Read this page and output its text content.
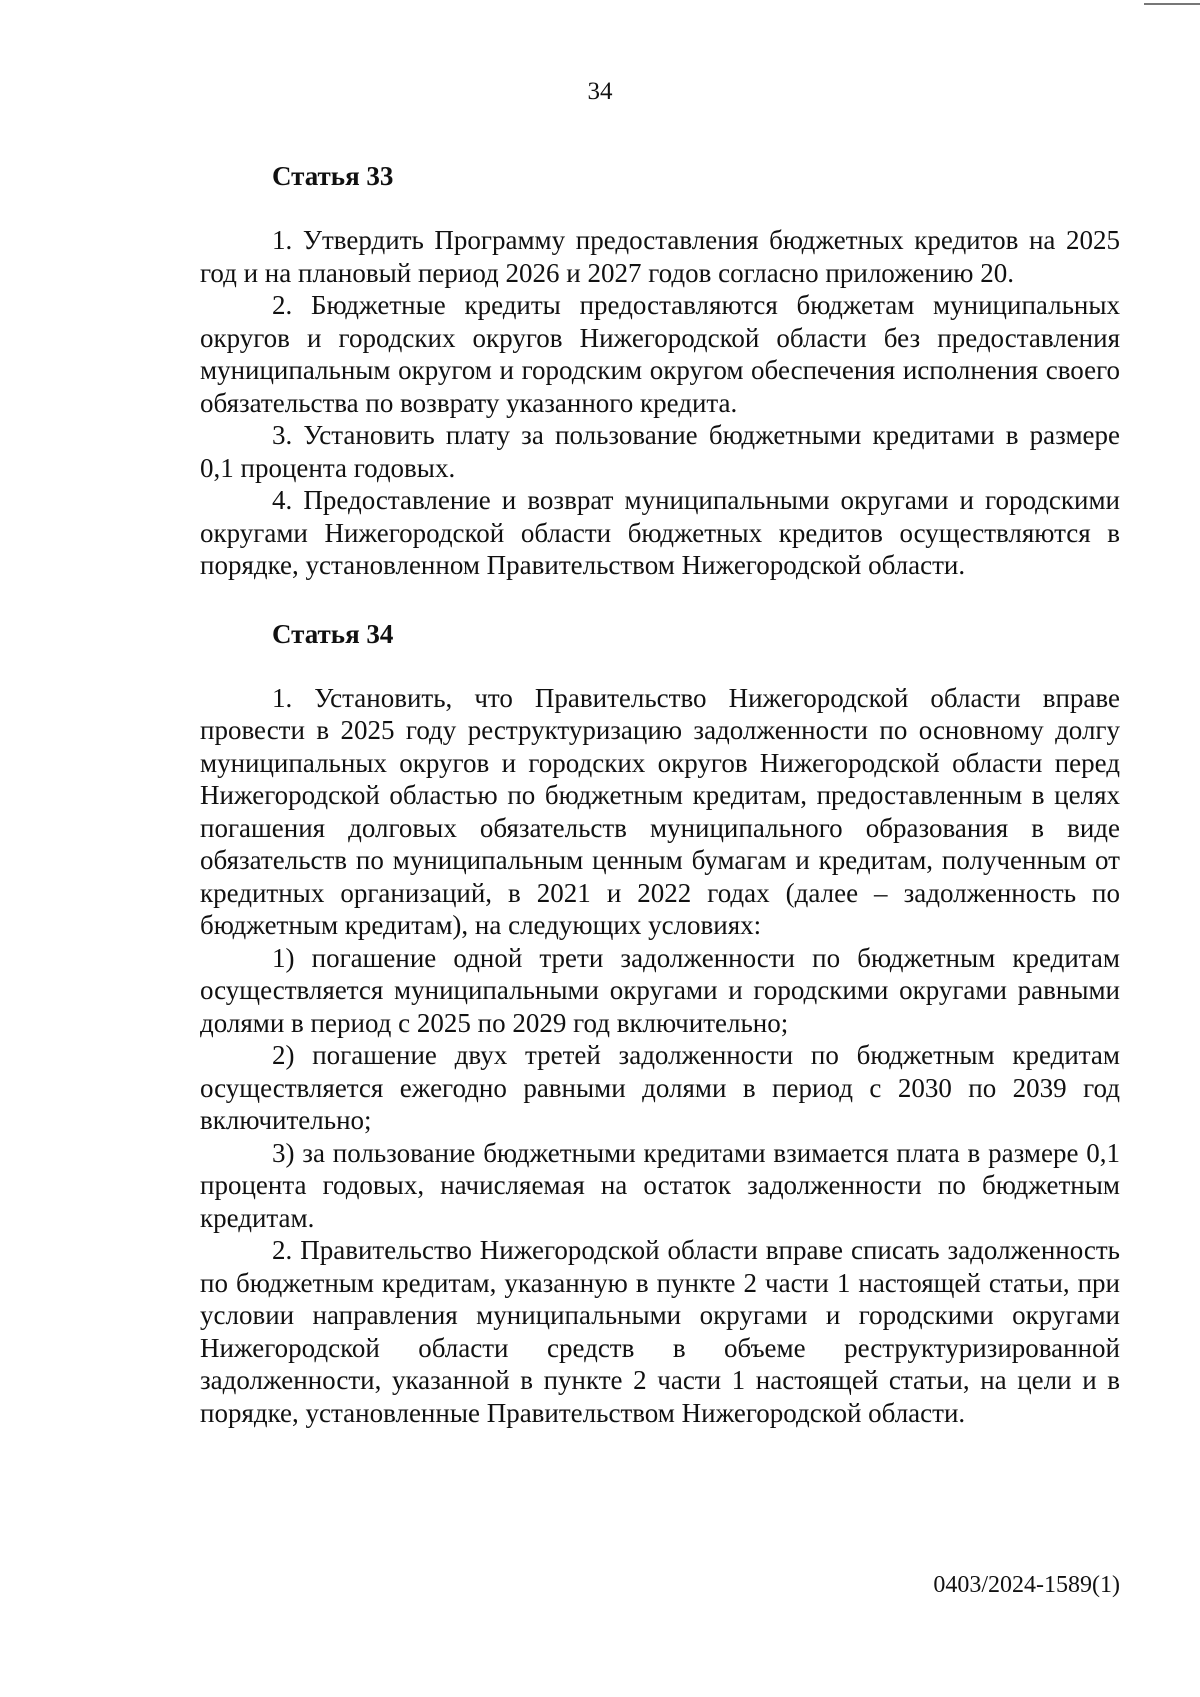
34
Статья 33

1. Утвердить Программу предоставления бюджетных кредитов на 2025 год и на плановый период 2026 и 2027 годов согласно приложению 20.

2. Бюджетные кредиты предоставляются бюджетам муниципальных округов и городских округов Нижегородской области без предоставления муниципальным округом и городским округом обеспечения исполнения своего обязательства по возврату указанного кредита.

3. Установить плату за пользование бюджетными кредитами в размере 0,1 процента годовых.

4. Предоставление и возврат муниципальными округами и городскими округами Нижегородской области бюджетных кредитов осуществляются в порядке, установленном Правительством Нижегородской области.

Статья 34

1. Установить, что Правительство Нижегородской области вправе провести в 2025 году реструктуризацию задолженности по основному долгу муниципальных округов и городских округов Нижегородской области перед Нижегородской областью по бюджетным кредитам, предоставленным в целях погашения долговых обязательств муниципального образования в виде обязательств по муниципальным ценным бумагам и кредитам, полученным от кредитных организаций, в 2021 и 2022 годах (далее – задолженность по бюджетным кредитам), на следующих условиях:

1) погашение одной трети задолженности по бюджетным кредитам осуществляется муниципальными округами и городскими округами равными долями в период с 2025 по 2029 год включительно;

2) погашение двух третей задолженности по бюджетным кредитам осуществляется ежегодно равными долями в период с 2030 по 2039 год включительно;

3) за пользование бюджетными кредитами взимается плата в размере 0,1 процента годовых, начисляемая на остаток задолженности по бюджетным кредитам.

2. Правительство Нижегородской области вправе списать задолженность по бюджетным кредитам, указанную в пункте 2 части 1 настоящей статьи, при условии направления муниципальными округами и городскими округами Нижегородской области средств в объеме реструктуризированной задолженности, указанной в пункте 2 части 1 настоящей статьи, на цели и в порядке, установленные Правительством Нижегородской области.

0403/2024-1589(1)
